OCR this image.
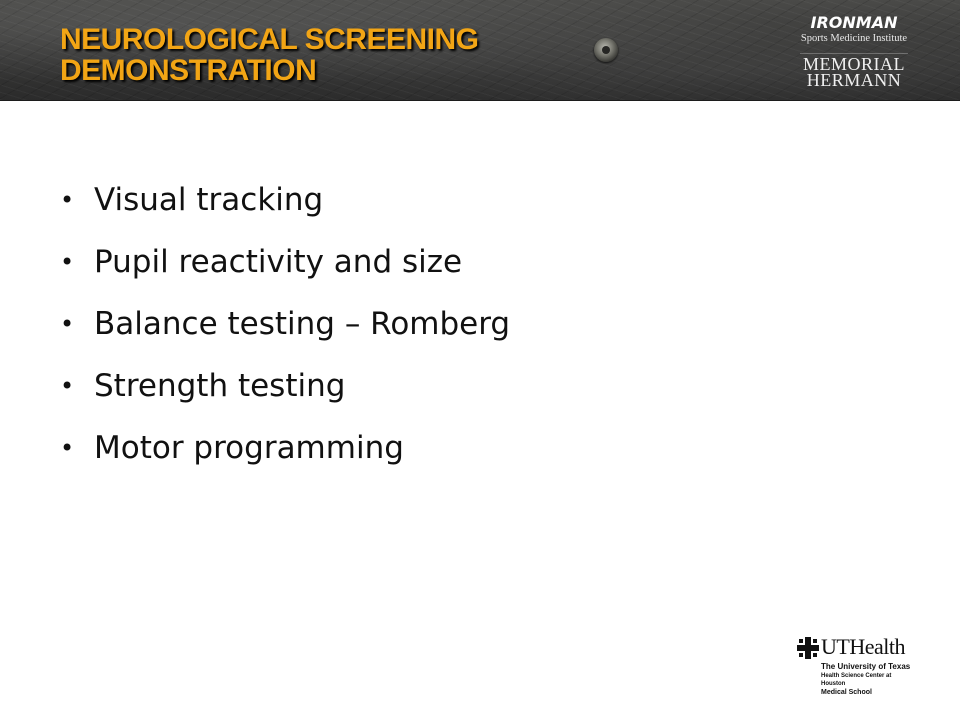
NEUROLOGICAL SCREENING
DEMONSTRATION
IRONMAN
Sports Medicine Institute
MEMORIAL
HERMANN
• Visual tracking
• Pupil reactivity and size
• Balance testing – Romberg
• Strength testing
• Motor programming
UTHealth
The University of Texas
Health Science Center at Houston
Medical School
